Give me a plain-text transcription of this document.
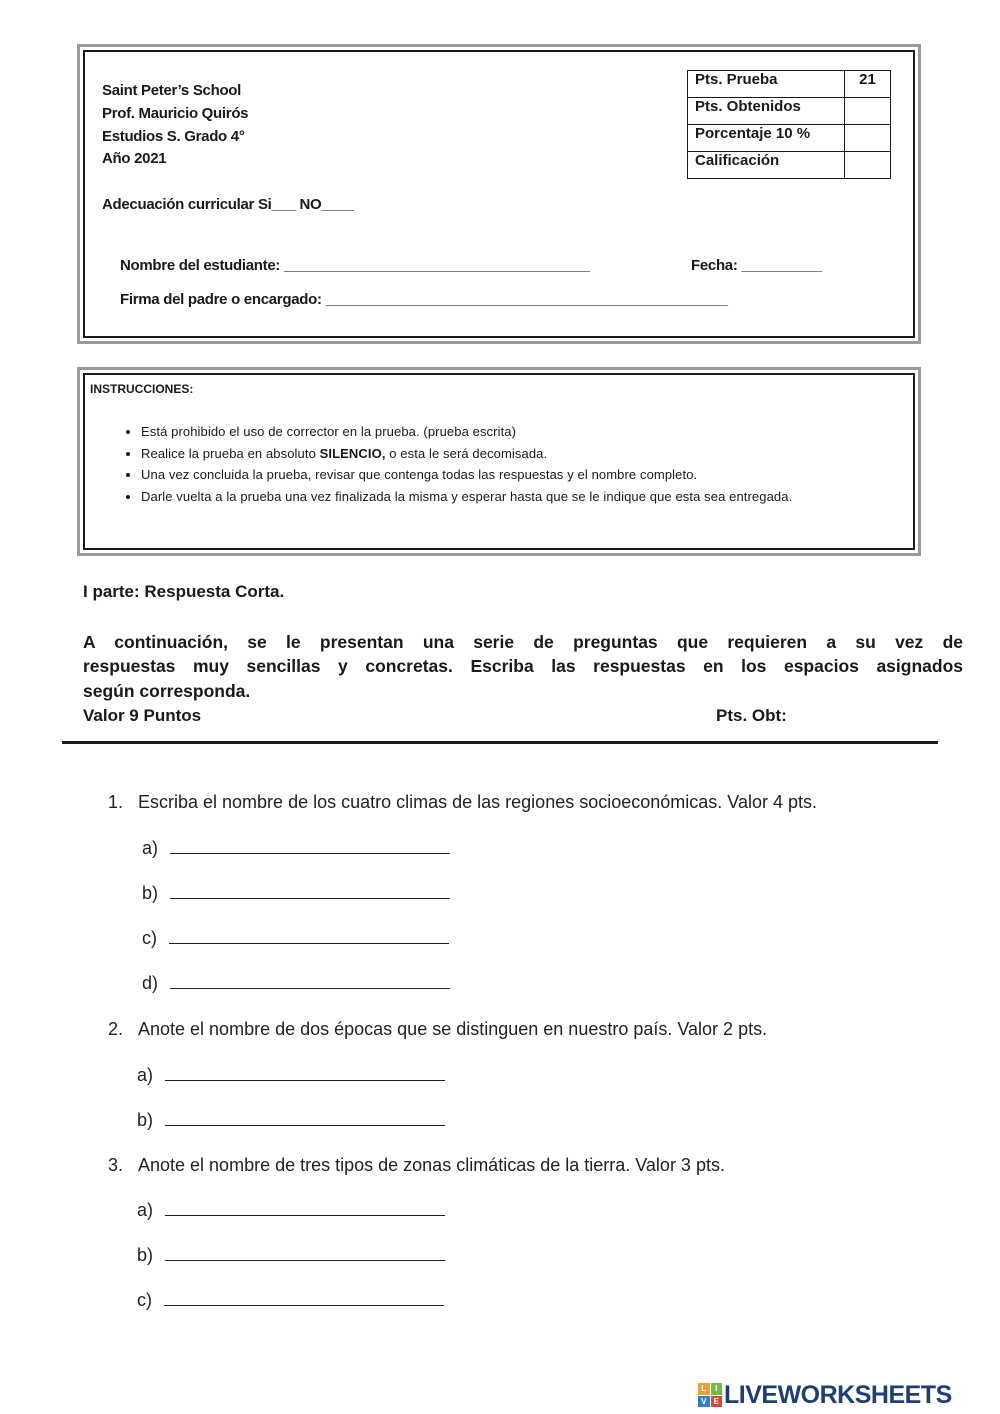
Saint Peter’s School
Prof. Mauricio Quirós
Estudios S. Grado 4°
Año 2021
Adecuación curricular Si___ NO____
Nombre del estudiante: ______________________________________	Fecha: __________
Firma del padre o encargado: __________________________________________________
Pts. Prueba	21
Pts. Obtenidos	
Porcentaje 10 %	
Calificación	
INSTRUCCIONES:
• Está prohibido el uso de corrector en la prueba. (prueba escrita)
• Realice la prueba en absoluto SILENCIO, o esta le será decomisada.
• Una vez concluida la prueba, revisar que contenga todas las respuestas y el nombre completo.
• Darle vuelta a la prueba una vez finalizada la misma y esperar hasta que se le indique que esta sea entregada.
I parte: Respuesta Corta.
A continuación, se le presentan una serie de preguntas que requieren a su vez de
respuestas muy sencillas y concretas. Escriba las respuestas en los espacios asignados
según corresponda.
Valor 9 Puntos	Pts. Obt:
1. Escriba el nombre de los cuatro climas de las regiones socioeconómicas. Valor 4 pts.
a)
b)
c)
d)
2. Anote el nombre de dos épocas que se distinguen en nuestro país. Valor 2 pts.
a)
b)
3. Anote el nombre de tres tipos de zonas climáticas de la tierra. Valor 3 pts.
a)
b)
c)
L	I
V E LIVEWORKSHEETS
